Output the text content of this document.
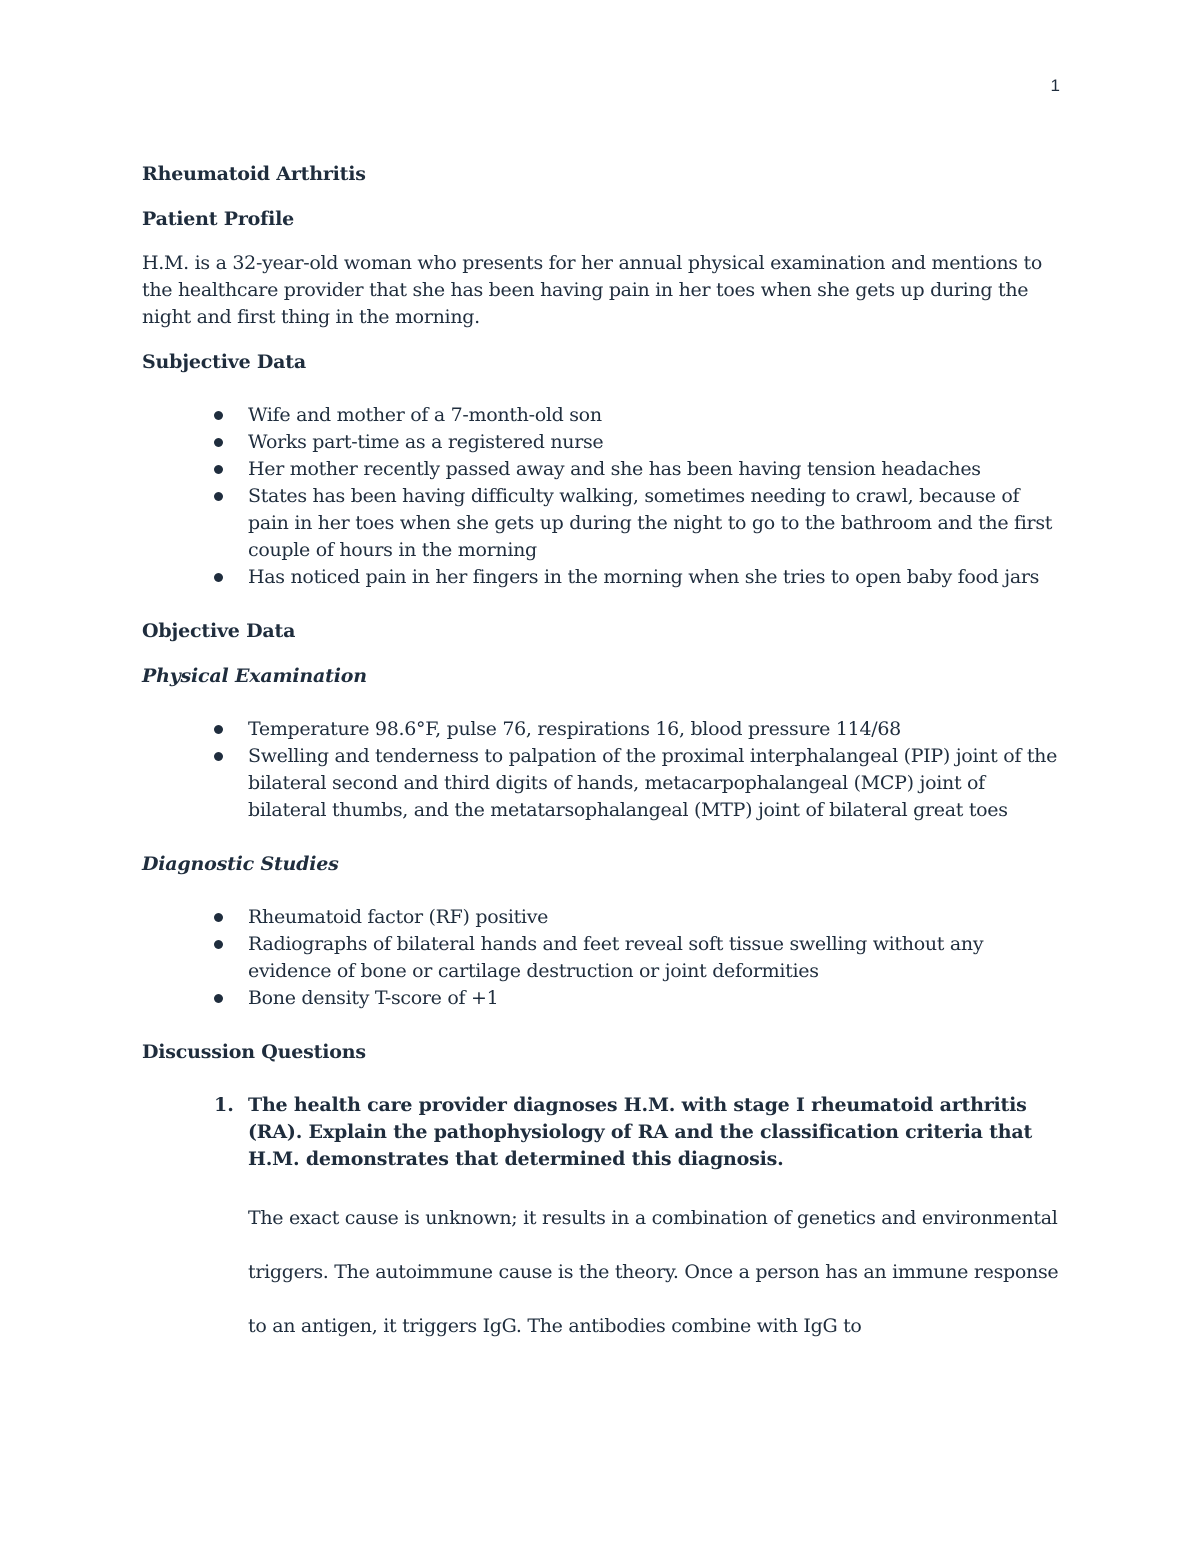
1
Rheumatoid Arthritis
Patient Profile

H.M. is a 32-year-old woman who presents for her annual physical examination and mentions to the healthcare provider that she has been having pain in her toes when she gets up during the night and first thing in the morning.

Subjective Data
Wife and mother of a 7-month-old son
Works part-time as a registered nurse
Her mother recently passed away and she has been having tension headaches
States has been having difficulty walking, sometimes needing to crawl, because of pain in her toes when she gets up during the night to go to the bathroom and the first couple of hours in the morning
Has noticed pain in her fingers in the morning when she tries to open baby food jars
Objective Data
Physical Examination
Temperature 98.6°F, pulse 76, respirations 16, blood pressure 114/68
Swelling and tenderness to palpation of the proximal interphalangeal (PIP) joint of the bilateral second and third digits of hands, metacarpophalangeal (MCP) joint of bilateral thumbs, and the metatarsophalangeal (MTP) joint of bilateral great toes
Diagnostic Studies
Rheumatoid factor (RF) positive
Radiographs of bilateral hands and feet reveal soft tissue swelling without any evidence of bone or cartilage destruction or joint deformities
Bone density T-score of +1
Discussion Questions
1. The health care provider diagnoses H.M. with stage I rheumatoid arthritis (RA). Explain the pathophysiology of RA and the classification criteria that H.M. demonstrates that determined this diagnosis.

The exact cause is unknown; it results in a combination of genetics and environmental triggers. The autoimmune cause is the theory. Once a person has an immune response to an antigen, it triggers IgG. The antibodies combine with IgG to
